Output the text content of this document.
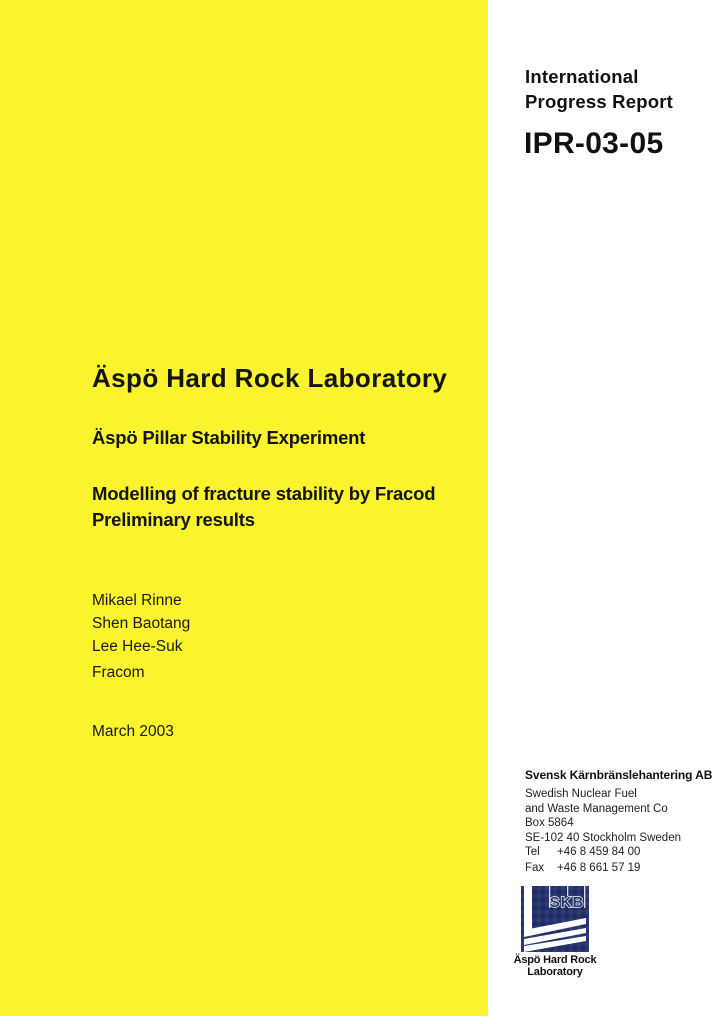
International
Progress Report
IPR-03-05
Äspö Hard Rock Laboratory
Äspö Pillar Stability Experiment
Modelling of fracture stability by Fracod
Preliminary results
Mikael Rinne
Shen Baotang
Lee Hee-Suk
Fracom
March 2003
Svensk Kärnbränslehantering AB
Swedish Nuclear Fuel
and Waste Management Co
Box 5864
SE-102 40 Stockholm Sweden
Tel	+46 8 459 84 00
Fax	+46 8 661 57 19
SKB
Äspö Hard Rock
Laboratory
